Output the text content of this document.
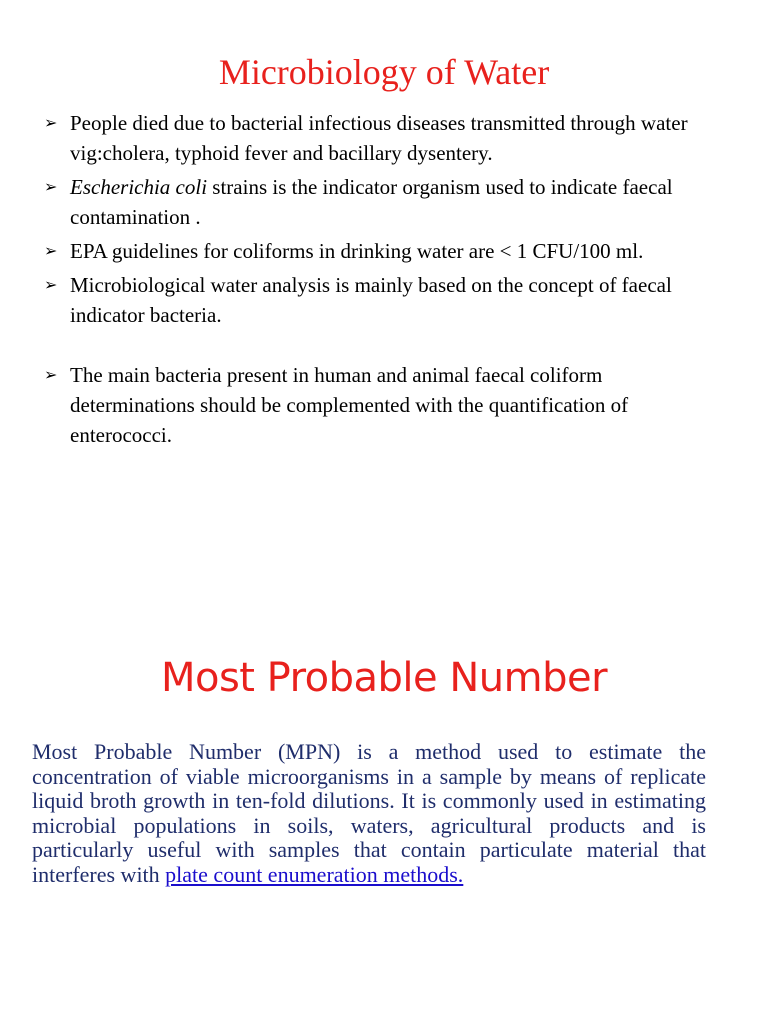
Microbiology of Water
➢ People died due to bacterial infectious diseases transmitted through water vig:cholera, typhoid fever and bacillary dysentery.
➢ Escherichia coli strains is the indicator organism used to indicate faecal contamination .
➢ EPA guidelines for coliforms in drinking water are < 1 CFU/100 ml.
➢ Microbiological water analysis is mainly based on the concept of faecal indicator bacteria.
➢ The main bacteria present in human and animal faecal coliform determinations should be complemented with the quantification of enterococci.
Most Probable Number

Most Probable Number (MPN) is a method used to estimate the concentration of viable microorganisms in a sample by means of replicate liquid broth growth in ten-fold dilutions. It is commonly used in estimating microbial populations in soils, waters, agricultural products and is particularly useful with samples that contain particulate material that interferes with plate count enumeration methods.
